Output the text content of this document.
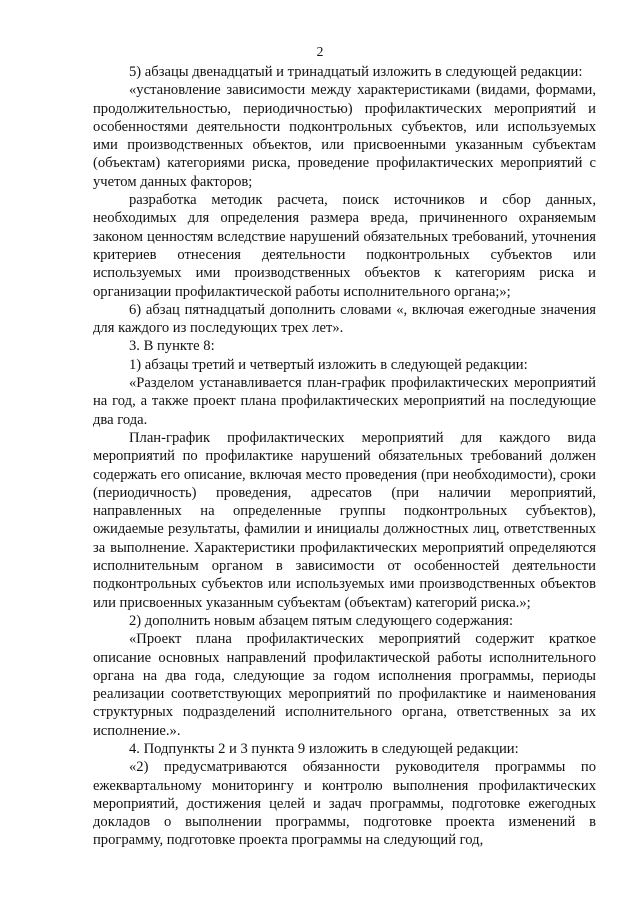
2

5) абзацы двенадцатый и тринадцатый изложить в следующей редакции:

«установление зависимости между характеристиками (видами, формами, продолжительностью, периодичностью) профилактических мероприятий и особенностями деятельности подконтрольных субъектов, или используемых ими производственных объектов, или присвоенными указанным субъектам (объектам) категориями риска, проведение профилактических мероприятий с учетом данных факторов;

разработка методик расчета, поиск источников и сбор данных, необходимых для определения размера вреда, причиненного охраняемым законом ценностям вследствие нарушений обязательных требований, уточнения критериев отнесения деятельности подконтрольных субъектов или используемых ими производственных объектов к категориям риска и организации профилактической работы исполнительного органа;»;

6) абзац пятнадцатый дополнить словами «, включая ежегодные значения для каждого из последующих трех лет».

3. В пункте 8:

1) абзацы третий и четвертый изложить в следующей редакции:

«Разделом устанавливается план-график профилактических мероприятий на год, а также проект плана профилактических мероприятий на последующие два года.

План-график профилактических мероприятий для каждого вида мероприятий по профилактике нарушений обязательных требований должен содержать его описание, включая место проведения (при необходимости), сроки (периодичность) проведения, адресатов (при наличии мероприятий, направленных на определенные группы подконтрольных субъектов), ожидаемые результаты, фамилии и инициалы должностных лиц, ответственных за выполнение. Характеристики профилактических мероприятий определяются исполнительным органом в зависимости от особенностей деятельности подконтрольных субъектов или используемых ими производственных объектов или присвоенных указанным субъектам (объектам) категорий риска.»;

2) дополнить новым абзацем пятым следующего содержания:

«Проект плана профилактических мероприятий содержит краткое описание основных направлений профилактической работы исполнительного органа на два года, следующие за годом исполнения программы, периоды реализации соответствующих мероприятий по профилактике и наименования структурных подразделений исполнительного органа, ответственных за их исполнение.».

4. Подпункты 2 и 3 пункта 9 изложить в следующей редакции:

«2) предусматриваются обязанности руководителя программы по ежеквартальному мониторингу и контролю выполнения профилактических мероприятий, достижения целей и задач программы, подготовке ежегодных докладов о выполнении программы, подготовке проекта изменений в программу, подготовке проекта программы на следующий год,
